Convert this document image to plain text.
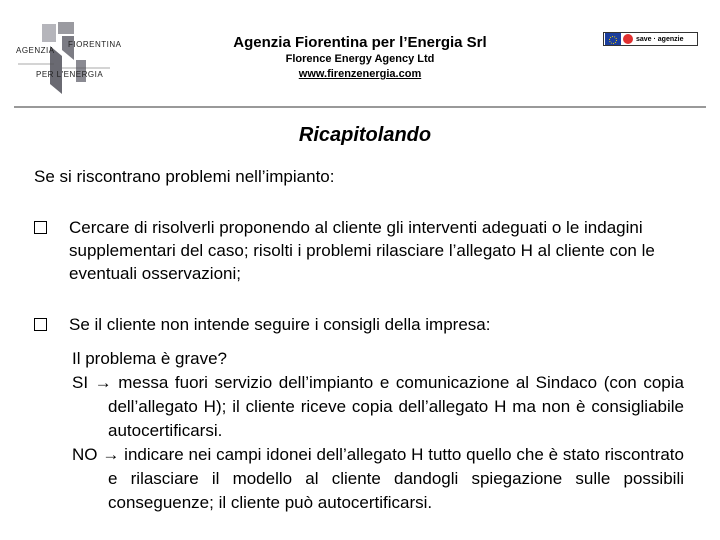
AGENZIA
FIORENTINA
PER L'ENERGIA
Agenzia Fiorentina per l’Energia Srl
Florence Energy Agency Ltd
www.firenzenergia.com
save · agenzie
Ricapitolando
Se si riscontrano problemi nell’impianto:
Cercare di risolverli proponendo al cliente gli interventi adeguati o le indagini supplementari del caso; risolti i problemi rilasciare l’allegato H al cliente con le eventuali osservazioni;
Se il cliente non intende seguire i consigli della impresa:
Il problema è grave?
SI → messa fuori servizio dell’impianto e comunicazione al Sindaco (con copia dell’allegato H); il cliente riceve copia dell’allegato H ma non è consigliabile autocertificarsi.
NO → indicare nei campi idonei dell’allegato H tutto quello che è stato riscontrato e rilasciare il modello al cliente dandogli spiegazione sulle possibili conseguenze; il cliente può autocertificarsi.
